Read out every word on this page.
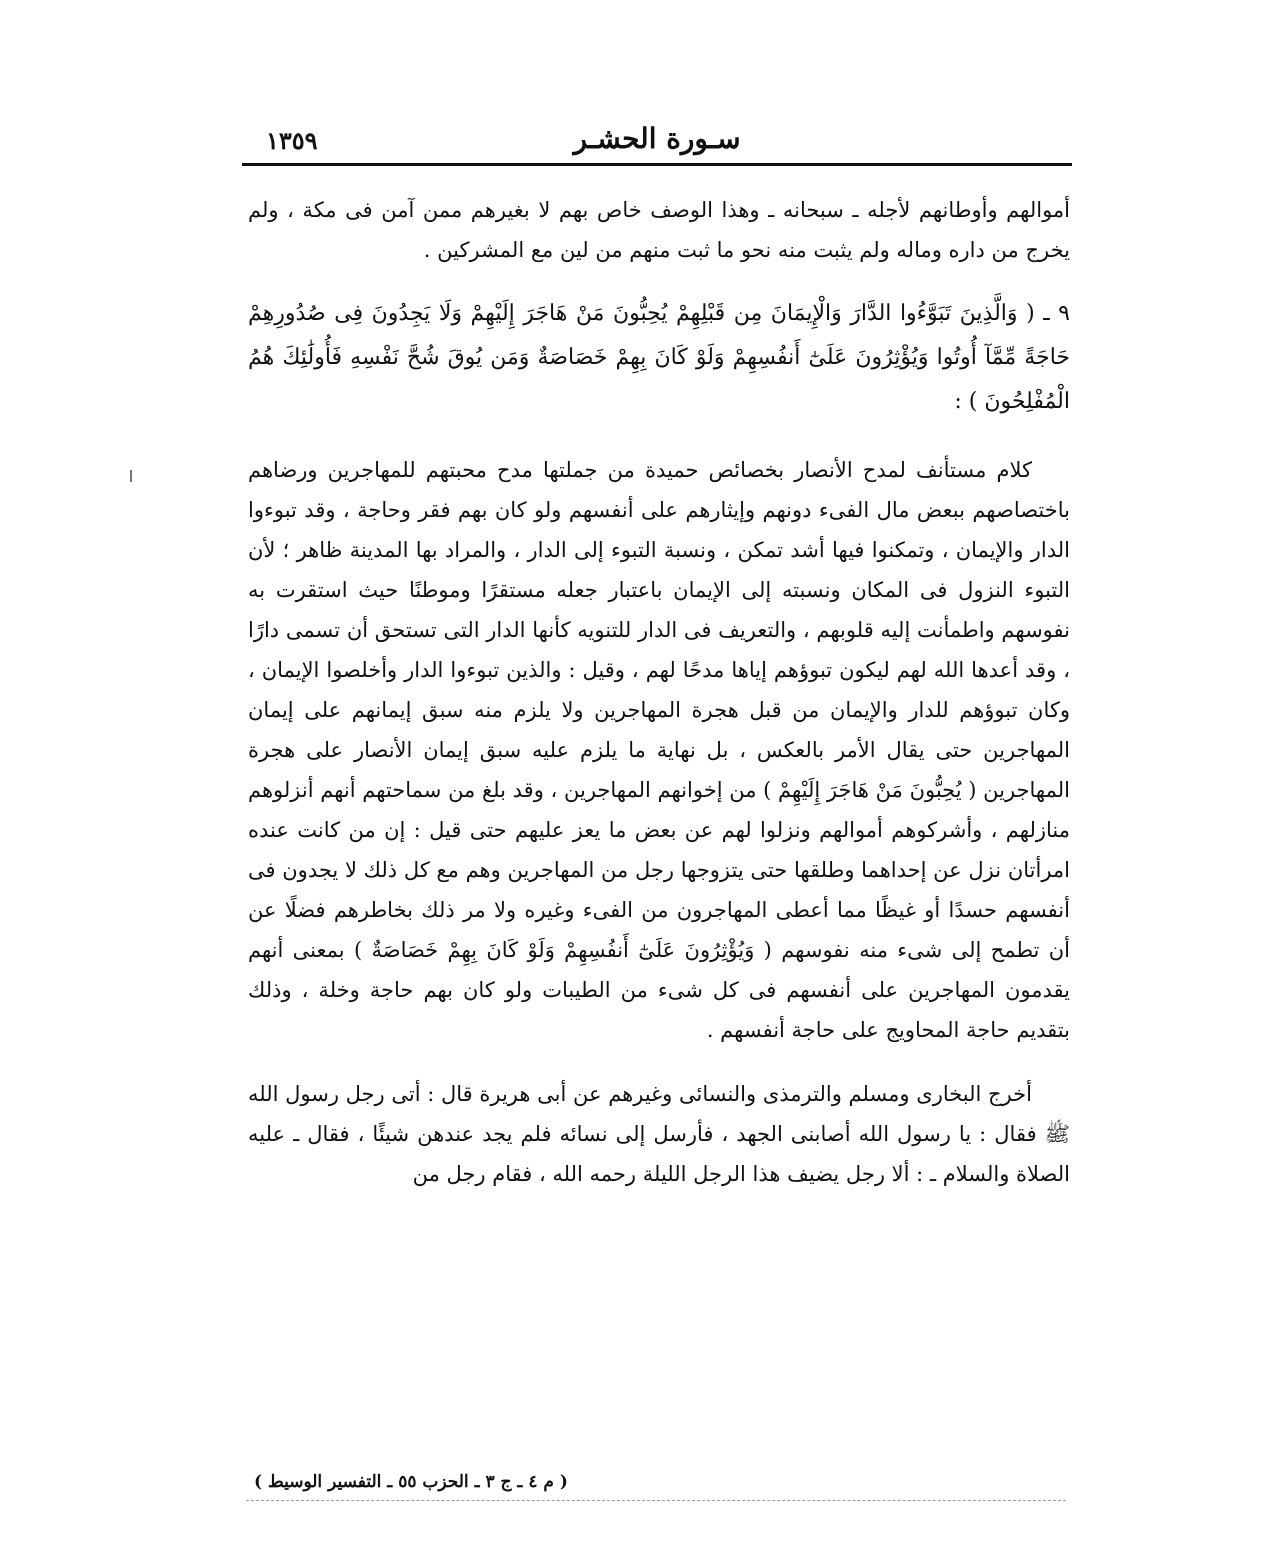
سـورة الحشـر
١٣٥٩

أموالهم وأوطانهم لأجله ـ سبحانه ـ وهذا الوصف خاص بهم لا بغيرهم ممن آمن فى مكة ، ولم يخرج من داره وماله ولم يثبت منه نحو ما ثبت منهم من لين مع المشركين .

٩ ـ ( وَالَّذِينَ تَبَوَّءُوا الدَّارَ وَالْإِيمَانَ مِن قَبْلِهِمْ يُحِبُّونَ مَنْ هَاجَرَ إِلَيْهِمْ وَلَا يَجِدُونَ فِى صُدُورِهِمْ حَاجَةً مِّمَّآ أُوتُوا وَيُؤْثِرُونَ عَلَىٰٓ أَنفُسِهِمْ وَلَوْ كَانَ بِهِمْ خَصَاصَةٌ وَمَن يُوقَ شُحَّ نَفْسِهِ فَأُولَٰئِكَ هُمُ الْمُفْلِحُونَ ) :

كلام مستأنف لمدح الأنصار بخصائص حميدة من جملتها مدح محبتهم للمهاجرين ورضاهم باختصاصهم ببعض مال الفىء دونهم وإيثارهم على أنفسهم ولو كان بهم فقر وحاجة ، وقد تبوءوا الدار والإيمان ، وتمكنوا فيها أشد تمكن ، ونسبة التبوء إلى الدار ، والمراد بها المدينة ظاهر ؛ لأن التبوء النزول فى المكان ونسبته إلى الإيمان باعتبار جعله مستقرًا وموطنًا حيث استقرت به نفوسهم واطمأنت إليه قلوبهم ، والتعريف فى الدار للتنويه كأنها الدار التى تستحق أن تسمى دارًا ، وقد أعدها الله لهم ليكون تبوؤهم إياها مدحًا لهم ، وقيل : والذين تبوءوا الدار وأخلصوا الإيمان ، وكان تبوؤهم للدار والإيمان من قبل هجرة المهاجرين ولا يلزم منه سبق إيمانهم على إيمان المهاجرين حتى يقال الأمر بالعكس ، بل نهاية ما يلزم عليه سبق إيمان الأنصار على هجرة المهاجرين ( يُحِبُّونَ مَنْ هَاجَرَ إِلَيْهِمْ ) من إخوانهم المهاجرين ، وقد بلغ من سماحتهم أنهم أنزلوهم منازلهم ، وأشركوهم أموالهم ونزلوا لهم عن بعض ما يعز عليهم حتى قيل : إن من كانت عنده امرأتان نزل عن إحداهما وطلقها حتى يتزوجها رجل من المهاجرين وهم مع كل ذلك لا يجدون فى أنفسهم حسدًا أو غيظًا مما أعطى المهاجرون من الفىء وغيره ولا مر ذلك بخاطرهم فضلًا عن أن تطمح إلى شىء منه نفوسهم ( وَيُؤْثِرُونَ عَلَىٰٓ أَنفُسِهِمْ وَلَوْ كَانَ بِهِمْ خَصَاصَةٌ ) بمعنى أنهم يقدمون المهاجرين على أنفسهم فى كل شىء من الطيبات ولو كان بهم حاجة وخلة ، وذلك بتقديم حاجة المحاويج على حاجة أنفسهم .

أخرج البخارى ومسلم والترمذى والنسائى وغيرهم عن أبى هريرة قال : أتى رجل رسول الله ﷺ فقال : يا رسول الله أصابنى الجهد ، فأرسل إلى نسائه فلم يجد عندهن شيئًا ، فقال ـ عليه الصلاة والسلام ـ : ألا رجل يضيف هذا الرجل الليلة رحمه الله ، فقام رجل من

( م ٤ ـ ج ٣ ـ الحزب ٥٥ ـ التفسير الوسيط )
